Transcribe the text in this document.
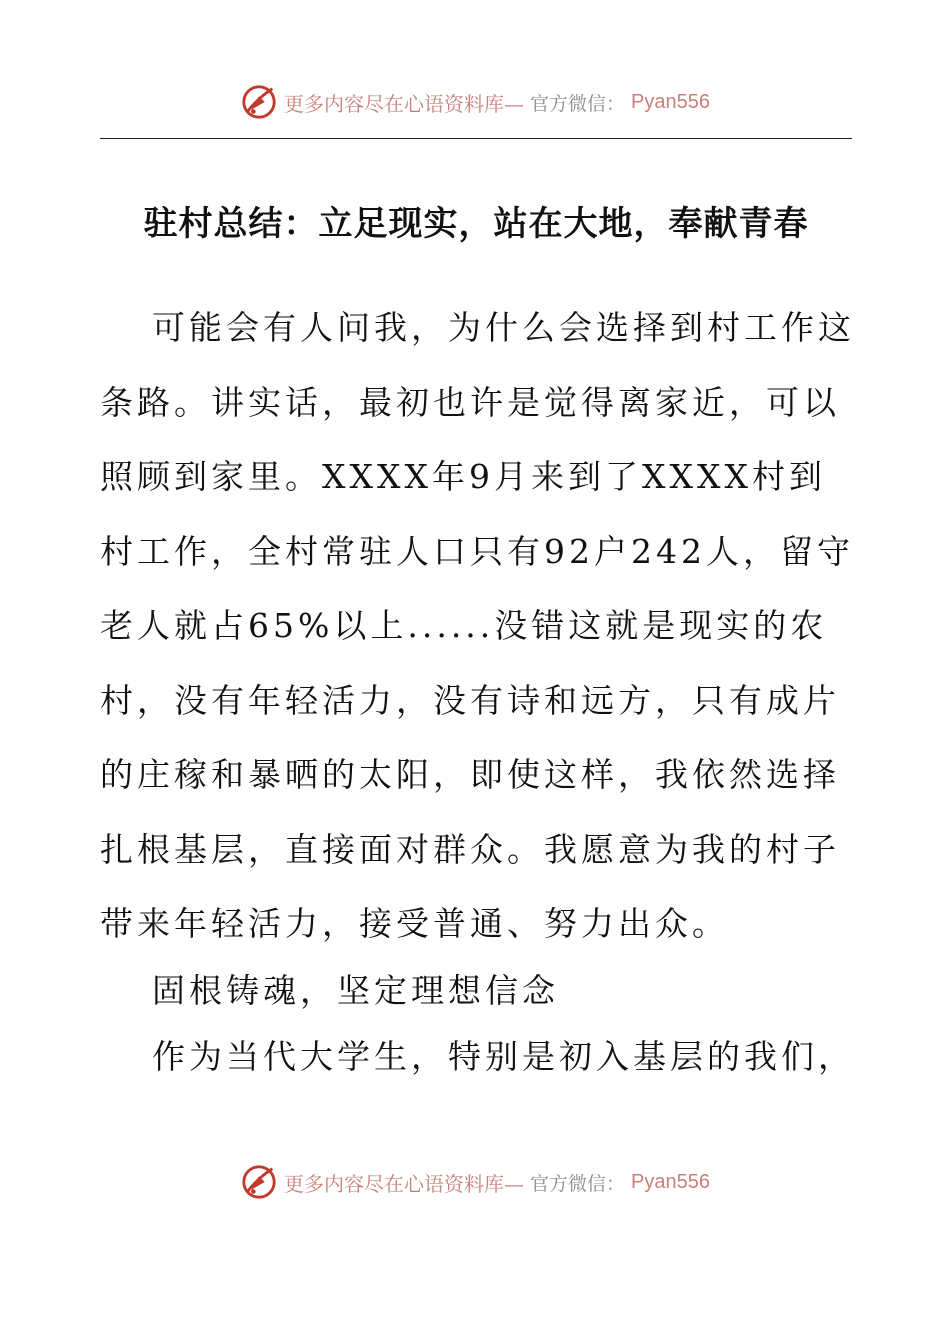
更多内容尽在心语资料库— 官方微信： Pyan556
驻村总结：立足现实，站在大地，奉献青春

可能会有人问我，为什么会选择到村工作这条路。讲实话，最初也许是觉得离家近，可以照顾到家里。XXXX年9月来到了XXXX村到村工作，全村常驻人口只有92户242人，留守老人就占65%以上......没错这就是现实的农村，没有年轻活力，没有诗和远方，只有成片的庄稼和暴晒的太阳，即使这样，我依然选择扎根基层，直接面对群众。我愿意为我的村子带来年轻活力，接受普通、努力出众。

固根铸魂，坚定理想信念

作为当代大学生，特别是初入基层的我们，

更多内容尽在心语资料库— 官方微信： Pyan556
